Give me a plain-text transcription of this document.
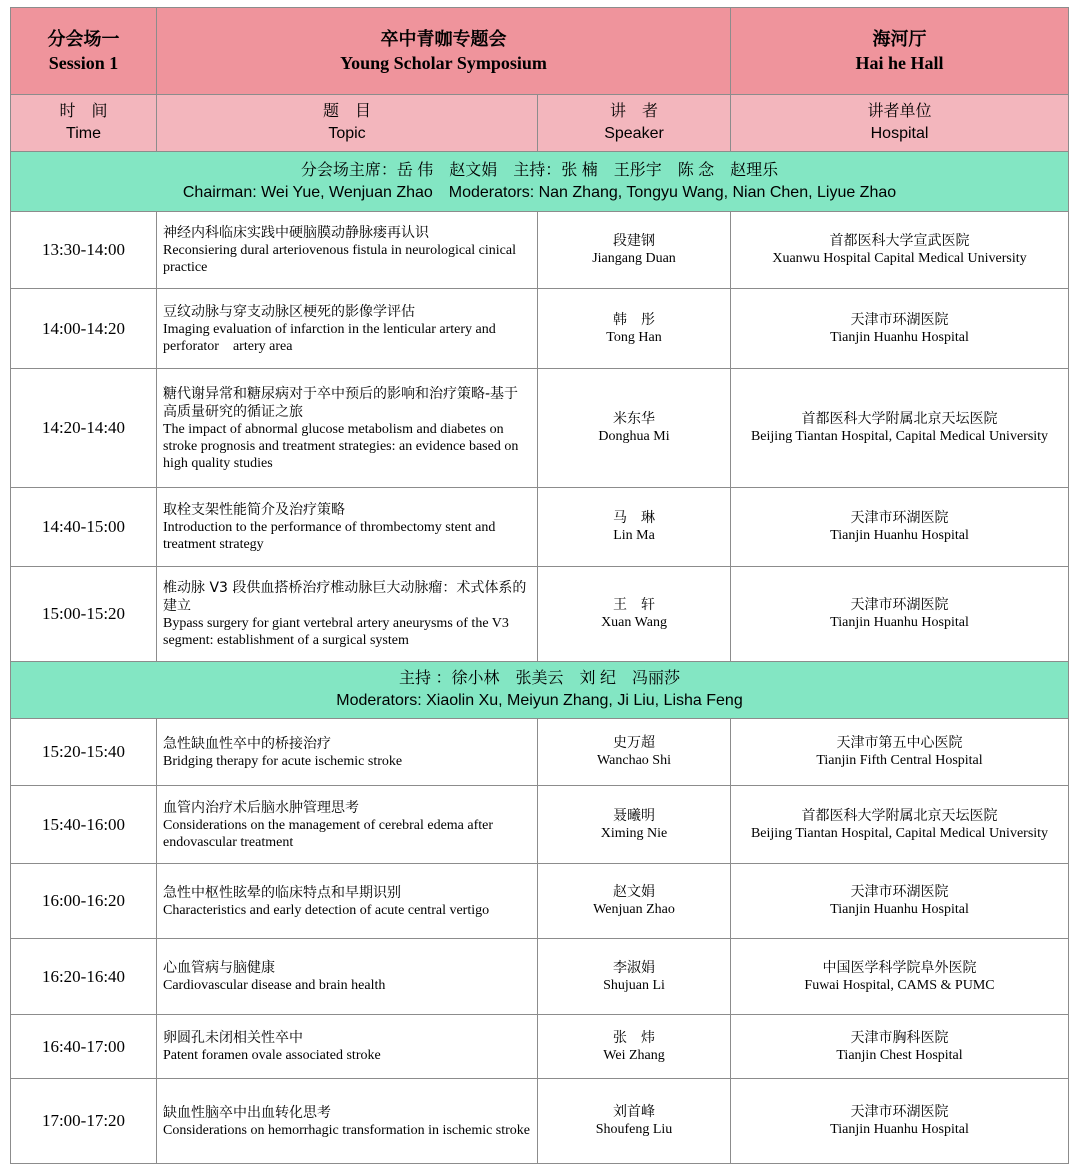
分会场一
Session 1	卒中青咖专题会
Young Scholar Symposium		海河厅
Hai he Hall

时　间
Time	题　目
Topic	讲　者
Speaker	讲者单位
Hospital

分会场主席：岳 伟　赵文娟　主持：张 楠　王彤宇　陈 念　赵理乐
Chairman: Wei Yue, Wenjuan Zhao　Moderators: Nan Zhang, Tongyu Wang, Nian Chen, Liyue Zhao			

13:30-14:00	神经内科临床实践中硬脑膜动静脉瘘再认识
Reconsiering dural arteriovenous fistula in neurological cinical practice	段建钢
Jiangang Duan	首都医科大学宣武医院
Xuanwu Hospital Capital Medical University

14:00-14:20	豆纹动脉与穿支动脉区梗死的影像学评估
Imaging evaluation of infarction in the lenticular artery and perforator　artery area	韩　彤
Tong Han	天津市环湖医院
Tianjin Huanhu Hospital

14:20-14:40	糖代谢异常和糖尿病对于卒中预后的影响和治疗策略-基于高质量研究的循证之旅
The impact of abnormal glucose metabolism and diabetes on stroke prognosis and treatment strategies: an evidence based on high quality studies	米东华
Donghua Mi	首都医科大学附属北京天坛医院
Beijing Tiantan Hospital, Capital Medical University

14:40-15:00	取栓支架性能简介及治疗策略
Introduction to the performance of thrombectomy stent and treatment strategy	马　琳
Lin Ma	天津市环湖医院
Tianjin Huanhu Hospital

15:00-15:20	椎动脉 V3 段供血搭桥治疗椎动脉巨大动脉瘤：术式体系的建立
Bypass surgery for giant vertebral artery aneurysms of the V3 segment: establishment of a surgical system	王　轩
Xuan Wang	天津市环湖医院
Tianjin Huanhu Hospital

主持 ：徐小林　张美云　刘 纪　冯丽莎
Moderators: Xiaolin Xu, Meiyun Zhang, Ji Liu, Lisha Feng			

15:20-15:40	急性缺血性卒中的桥接治疗
Bridging therapy for acute ischemic stroke	史万超
Wanchao Shi	天津市第五中心医院
Tianjin Fifth Central Hospital

15:40-16:00	血管内治疗术后脑水肿管理思考
Considerations on the management of cerebral edema after endovascular treatment	聂曦明
Ximing Nie	首都医科大学附属北京天坛医院
Beijing Tiantan Hospital, Capital Medical University

16:00-16:20	急性中枢性眩晕的临床特点和早期识别
Characteristics and early detection of acute central vertigo	赵文娟
Wenjuan Zhao	天津市环湖医院
Tianjin Huanhu Hospital

16:20-16:40	心血管病与脑健康
Cardiovascular disease and brain health	李淑娟
Shujuan Li	中国医学科学院阜外医院
Fuwai Hospital, CAMS & PUMC

16:40-17:00	卵圆孔未闭相关性卒中
Patent foramen ovale associated stroke	张　炜
Wei Zhang	天津市胸科医院
Tianjin Chest Hospital

17:00-17:20	缺血性脑卒中出血转化思考
Considerations on hemorrhagic transformation in ischemic stroke	刘首峰
Shoufeng Liu	天津市环湖医院
Tianjin Huanhu Hospital
